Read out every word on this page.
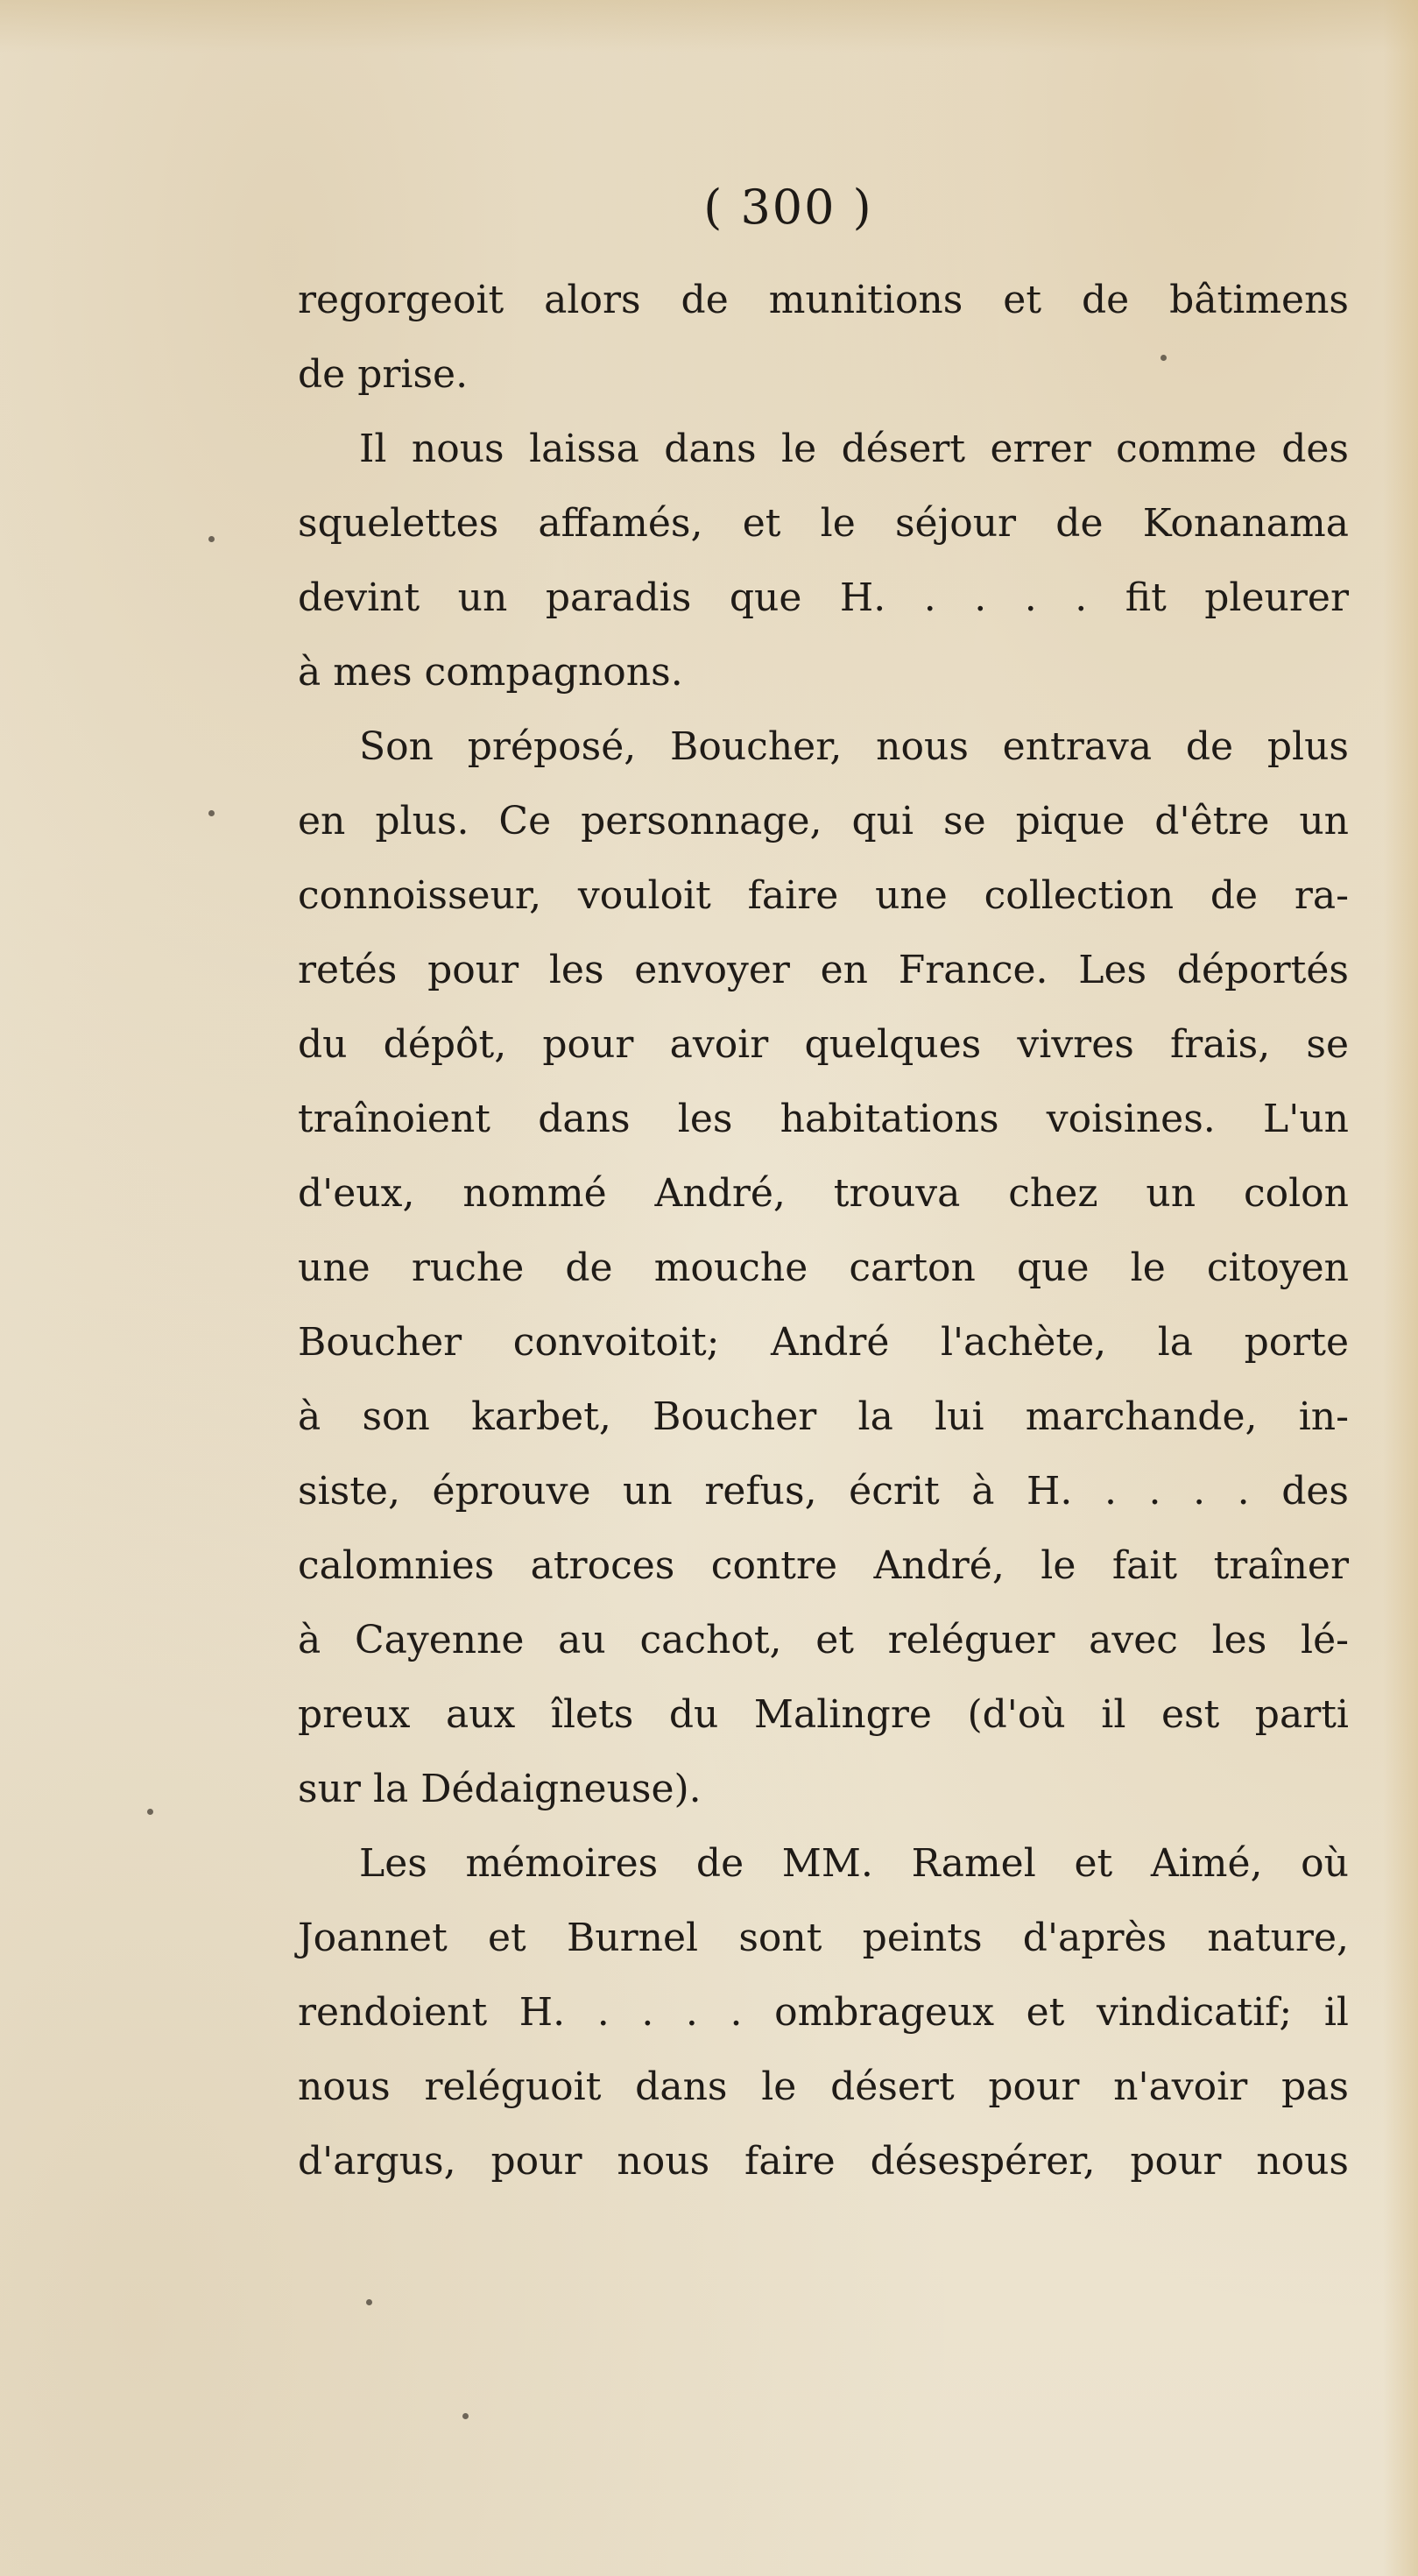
( 300 )
regorgeoit alors de munitions et de bâtimens
de prise.
Il nous laissa dans le désert errer comme des
squelettes affamés, et le séjour de Konanama
devint un paradis que H. . . . . fit pleurer
à mes compagnons.
Son préposé, Boucher, nous entrava de plus
en plus. Ce personnage, qui se pique d'être un
connoisseur, vouloit faire une collection de ra-
retés pour les envoyer en France. Les déportés
du dépôt, pour avoir quelques vivres frais, se
traînoient dans les habitations voisines. L'un
d'eux, nommé André, trouva chez un colon
une ruche de mouche carton que le citoyen
Boucher convoitoit; André l'achète, la porte
à son karbet, Boucher la lui marchande, in-
siste, éprouve un refus, écrit à H. . . . . des
calomnies atroces contre André, le fait traîner
à Cayenne au cachot, et reléguer avec les lé-
preux aux îlets du Malingre (d'où il est parti
sur la Dédaigneuse).
Les mémoires de MM. Ramel et Aimé, où
Joannet et Burnel sont peints d'après nature,
rendoient H. . . . . ombrageux et vindicatif; il
nous reléguoit dans le désert pour n'avoir pas
d'argus, pour nous faire désespérer, pour nous
